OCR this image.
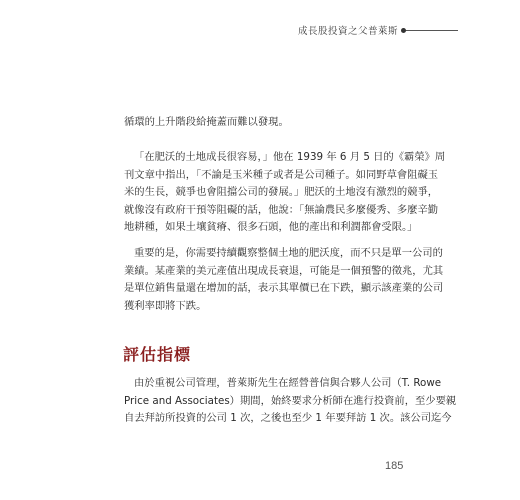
成長股投資之父普萊斯

循環的上升階段給掩蓋而難以發現。

「在肥沃的土地成長很容易，」他在 1939 年 6 月 5 日的《霸榮》周
刊文章中指出，「不論是玉米種子或者是公司種子。如同野草會阻礙玉
米的生長，競爭也會阻擋公司的發展。」肥沃的土地沒有激烈的競爭，
就像沒有政府干預等阻礙的話，他說：「無論農民多麼優秀、多麼辛勤
地耕種，如果土壤貧瘠、很多石頭，他的產出和利潤都會受限。」

重要的是，你需要持續觀察整個土地的肥沃度，而不只是單一公司的
業績。某產業的美元產值出現成長衰退，可能是一個預警的徵兆，尤其
是單位銷售量還在增加的話，表示其單價已在下跌，顯示該產業的公司
獲利率即將下跌。

評估指標

由於重視公司管理，普萊斯先生在經營普信與合夥人公司（T. Rowe
Price and Associates）期間，始終要求分析師在進行投資前，至少要親
自去拜訪所投資的公司 1 次，之後也至少 1 年要拜訪 1 次。該公司迄今

185
